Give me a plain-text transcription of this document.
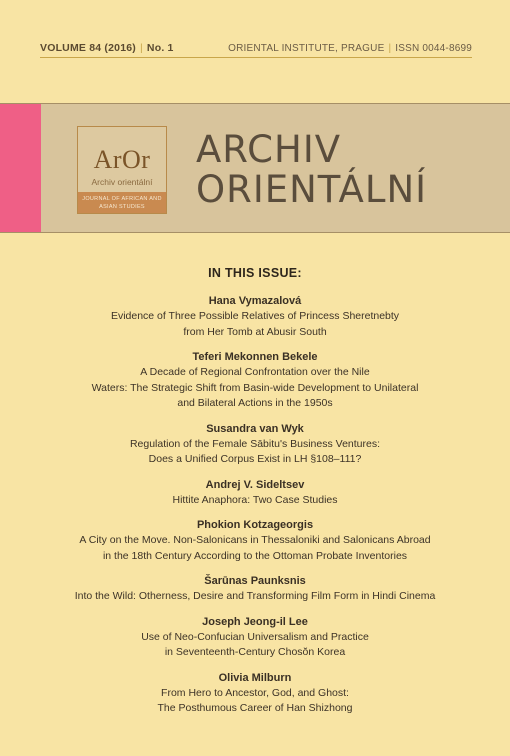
VOLUME 84 (2016) | No. 1	ORIENTAL INSTITUTE, PRAGUE | ISSN 0044-8699
ArOr
Archiv orientální
JOURNAL OF AFRICAN AND ASIAN STUDIES
ARCHIV
ORIENTÁLNÍ
IN THIS ISSUE:
Hana Vymazalová
Evidence of Three Possible Relatives of Princess Sheretnebty
from Her Tomb at Abusir South
Teferi Mekonnen Bekele
A Decade of Regional Confrontation over the Nile
Waters: The Strategic Shift from Basin-wide Development to Unilateral
and Bilateral Actions in the 1950s
Susandra van Wyk
Regulation of the Female Sābitu's Business Ventures:
Does a Unified Corpus Exist in LH §108–111?
Andrej V. Sideltsev
Hittite Anaphora: Two Case Studies
Phokion Kotzageorgis
A City on the Move. Non-Salonicans in Thessaloniki and Salonicans Abroad
in the 18th Century According to the Ottoman Probate Inventories
Šarūnas Paunksnis
Into the Wild: Otherness, Desire and Transforming Film Form in Hindi Cinema
Joseph Jeong-il Lee
Use of Neo-Confucian Universalism and Practice
in Seventeenth-Century Chosŏn Korea
Olivia Milburn
From Hero to Ancestor, God, and Ghost:
The Posthumous Career of Han Shizhong
